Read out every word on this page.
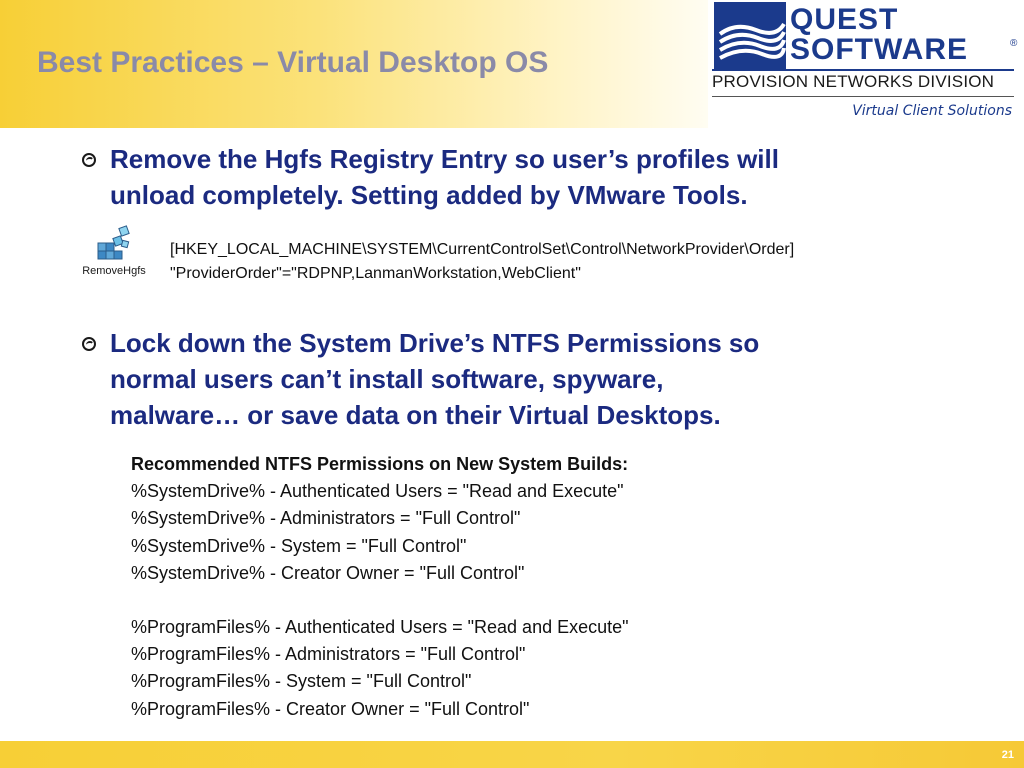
Best Practices – Virtual Desktop OS
QUEST
SOFTWARE	®
PROVISION NETWORKS DIVISION
Virtual Client Solutions
Remove the Hgfs Registry Entry so user’s profiles will
unload completely. Setting added by VMware Tools.
RemoveHgfs
[HKEY_LOCAL_MACHINE\SYSTEM\CurrentControlSet\Control\NetworkProvider\Order]
"ProviderOrder"="RDPNP,LanmanWorkstation,WebClient"
Lock down the System Drive’s NTFS Permissions so
normal users can’t install software, spyware,
malware… or save data on their Virtual Desktops.
Recommended NTFS Permissions on New System Builds:
%SystemDrive% - Authenticated Users = "Read and Execute"
%SystemDrive% - Administrators = "Full Control"
%SystemDrive% - System = "Full Control"
%SystemDrive% - Creator Owner = "Full Control"
%ProgramFiles% - Authenticated Users = "Read and Execute"
%ProgramFiles% - Administrators = "Full Control"
%ProgramFiles% - System = "Full Control"
%ProgramFiles% - Creator Owner = "Full Control"
21
